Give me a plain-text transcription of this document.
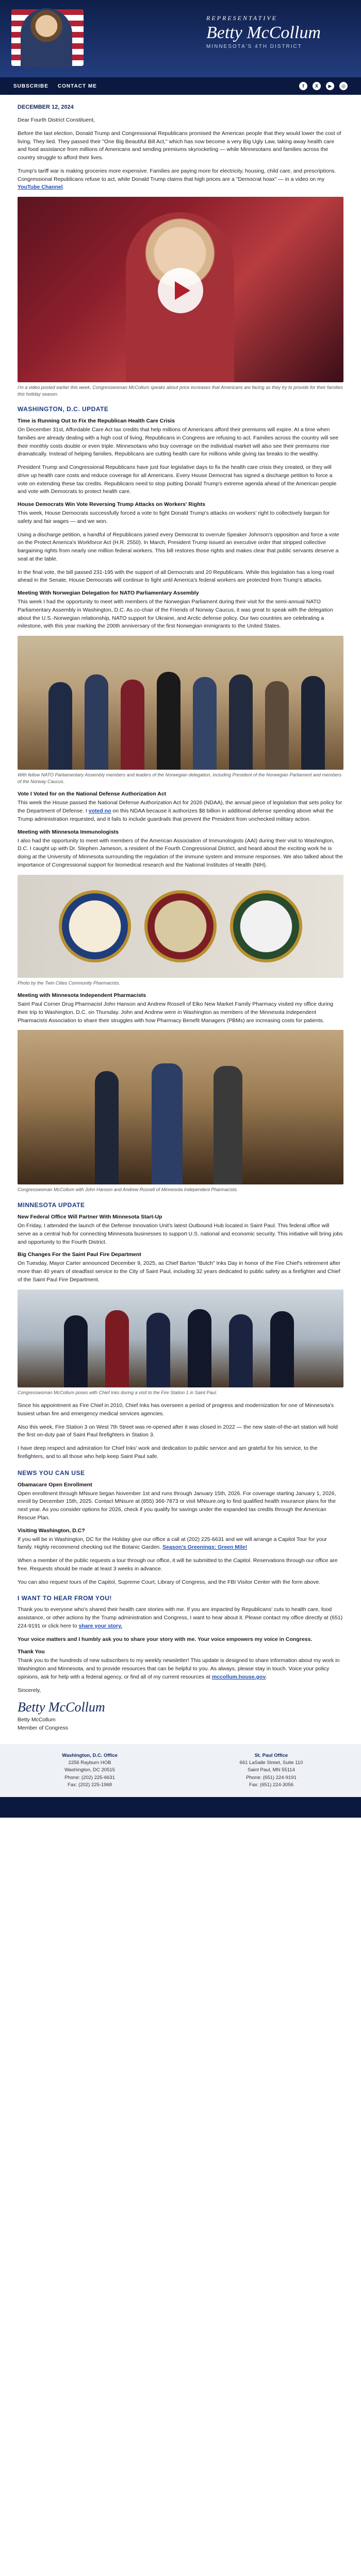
REPRESENTATIVE
Betty McCollum
MINNESOTA'S 4TH DISTRICT
SUBSCRIBE CONTACT ME	f	X	▶	◎
DECEMBER 12, 2024

Dear Fourth District Constituent,

Before the last election, Donald Trump and Congressional Republicans promised the American people that they would lower the cost of living. They lied. They passed their "One Big Beautiful Bill Act," which has now become a very Big Ugly Law, taking away health care and food assistance from millions of Americans and sending premiums skyrocketing — while Minnesotans and families across the country struggle to afford their lives.

Trump's tariff war is making groceries more expensive. Families are paying more for electricity, housing, child care, and prescriptions. Congressional Republicans refuse to act, while Donald Trump claims that high prices are a "Democrat hoax" — in a video on my YouTube Channel.

I'm a video posted earlier this week, Congresswoman McCollum speaks about price increases that Americans are facing as they try to provide for their families this holiday season.
WASHINGTON, D.C. UPDATE
Time is Running Out to Fix the Republican Health Care Crisis

On December 31st, Affordable Care Act tax credits that help millions of Americans afford their premiums will expire. At a time when families are already dealing with a high cost of living, Republicans in Congress are refusing to act. Families across the country will see their monthly costs double or even triple. Minnesotans who buy coverage on the individual market will also see their premiums rise dramatically. Instead of helping families, Republicans are cutting health care for millions while giving tax breaks to the wealthy.

President Trump and Congressional Republicans have just four legislative days to fix the health care crisis they created, or they will drive up health care costs and reduce coverage for all Americans. Every House Democrat has signed a discharge petition to force a vote on extending these tax credits. Republicans need to stop putting Donald Trump's extreme agenda ahead of the American people and vote with Democrats to protect health care.

House Democrats Win Vote Reversing Trump Attacks on Workers' Rights

This week, House Democrats successfully forced a vote to fight Donald Trump's attacks on workers' right to collectively bargain for safety and fair wages — and we won.

Using a discharge petition, a handful of Republicans joined every Democrat to overrule Speaker Johnson's opposition and force a vote on the Protect America's Workforce Act (H.R. 2550). In March, President Trump issued an executive order that stripped collective bargaining rights from nearly one million federal workers. This bill restores those rights and makes clear that public servants deserve a seat at the table.

In the final vote, the bill passed 231-195 with the support of all Democrats and 20 Republicans. While this legislation has a long road ahead in the Senate, House Democrats will continue to fight until America's federal workers are protected from Trump's attacks.

Meeting With Norwegian Delegation for NATO Parliamentary Assembly

This week I had the opportunity to meet with members of the Norwegian Parliament during their visit for the semi-annual NATO Parliamentary Assembly in Washington, D.C. As co-chair of the Friends of Norway Caucus, it was great to speak with the delegation about the U.S.-Norwegian relationship, NATO support for Ukraine, and Arctic defense policy. Our two countries are celebrating a milestone, with this year marking the 200th anniversary of the first Norwegian immigrants to the United States.

With fellow NATO Parliamentary Assembly members and leaders of the Norwegian delegation, including President of the Norwegian Parliament and members of the Norway Caucus.
Vote I Voted for on the National Defense Authorization Act

This week the House passed the National Defense Authorization Act for 2026 (NDAA), the annual piece of legislation that sets policy for the Department of Defense. I voted no on this NDAA because it authorizes $8 billion in additional defense spending above what the Trump administration requested, and it fails to include guardrails that prevent the President from unchecked military action.

Meeting with Minnesota Immunologists

I also had the opportunity to meet with members of the American Association of Immunologists (AAI) during their visit to Washington, D.C. I caught up with Dr. Stephen Jameson, a resident of the Fourth Congressional District, and heard about the exciting work he is doing at the University of Minnesota surrounding the regulation of the immune system and immune responses. We also talked about the importance of Congressional support for biomedical research and the National Institutes of Health (NIH).

Photo by the Twin Cities Community Pharmacists.
Meeting with Minnesota Independent Pharmacists

Saint Paul Corner Drug Pharmacist John Hanson and Andrew Rossell of Elko New Market Family Pharmacy visited my office during their trip to Washington, D.C. on Thursday. John and Andrew were in Washington as members of the Minnesota Independent Pharmacists Association to share their struggles with how Pharmacy Benefit Managers (PBMs) are increasing costs for patients.

Congresswoman McCollum with John Hanson and Andrew Rossell of Minnesota Independent Pharmacists.
MINNESOTA UPDATE
New Federal Office Will Partner With Minnesota Start-Up

On Friday, I attended the launch of the Defense Innovation Unit's latest Outbound Hub located in Saint Paul. This federal office will serve as a central hub for connecting Minnesota businesses to support U.S. national and economic security. This initiative will bring jobs and opportunity to the Fourth District.

Big Changes For the Saint Paul Fire Department

On Tuesday, Mayor Carter announced December 9, 2025, as Chief Barton "Butch" Inks Day in honor of the Fire Chief's retirement after more than 40 years of steadfast service to the City of Saint Paul, including 32 years dedicated to public safety as a firefighter and Chief of the Saint Paul Fire Department.

Congresswoman McCollum poses with Chief Inks during a visit to the Fire Station 1 in Saint Paul.

Since his appointment as Fire Chief in 2010, Chief Inks has overseen a period of progress and modernization for one of Minnesota's busiest urban fire and emergency medical services agencies.

Also this week, Fire Station 3 on West 7th Street was re-opened after it was closed in 2022 — the new state-of-the-art station will hold the first on-duty pair of Saint Paul firefighters in Station 3.

I have deep respect and admiration for Chief Inks' work and dedication to public service and am grateful for his service, to the firefighters, and to all those who help keep Saint Paul safe.

NEWS YOU CAN USE
Obamacare Open Enrollment

Open enrollment through MNsure began November 1st and runs through January 15th, 2026. For coverage starting January 1, 2026, enroll by December 15th, 2025. Contact MNsure at (855) 366-7873 or visit MNsure.org to find qualified health insurance plans for the next year. As you consider options for 2026, check if you qualify for savings under the expanded tax credits through the American Rescue Plan.

Visiting Washington, D.C?

If you will be in Washington, DC for the Holiday give our office a call at (202) 225-6631 and we will arrange a Capitol Tour for your family. Highly recommend checking out the Botanic Garden. Season's Greenings: Green Mile!

When a member of the public requests a tour through our office, it will be submitted to the Capitol. Reservations through our office are free. Requests should be made at least 3 weeks in advance.

You can also request tours of the Capitol, Supreme Court, Library of Congress, and the FBI Visitor Center with the form above.

I WANT TO HEAR FROM YOU!

Thank you to everyone who's shared their health care stories with me. If you are impacted by Republicans' cuts to health care, food assistance, or other actions by the Trump administration and Congress, I want to hear about it. Please contact my office directly at (651) 224-9191 or click here to share your story.

Your voice matters and I humbly ask you to share your story with me. Your voice empowers my voice in Congress.

Thank You

Thank you to the hundreds of new subscribers to my weekly newsletter! This update is designed to share information about my work in Washington and Minnesota, and to provide resources that can be helpful to you. As always, please stay in touch. Voice your policy opinions, ask for help with a federal agency, or find all of my current resources at mccollum.house.gov.

Sincerely,

Betty McCollum

Betty McCollum
Member of Congress

Washington, D.C. Office
2256 Rayburn HOB
Washington, DC 20515
Phone: (202) 225-6631
Fax: (202) 225-1968
St. Paul Office
661 LaSalle Street, Suite 110
Saint Paul, MN 55114
Phone: (651) 224-9191
Fax: (651) 224-3056
